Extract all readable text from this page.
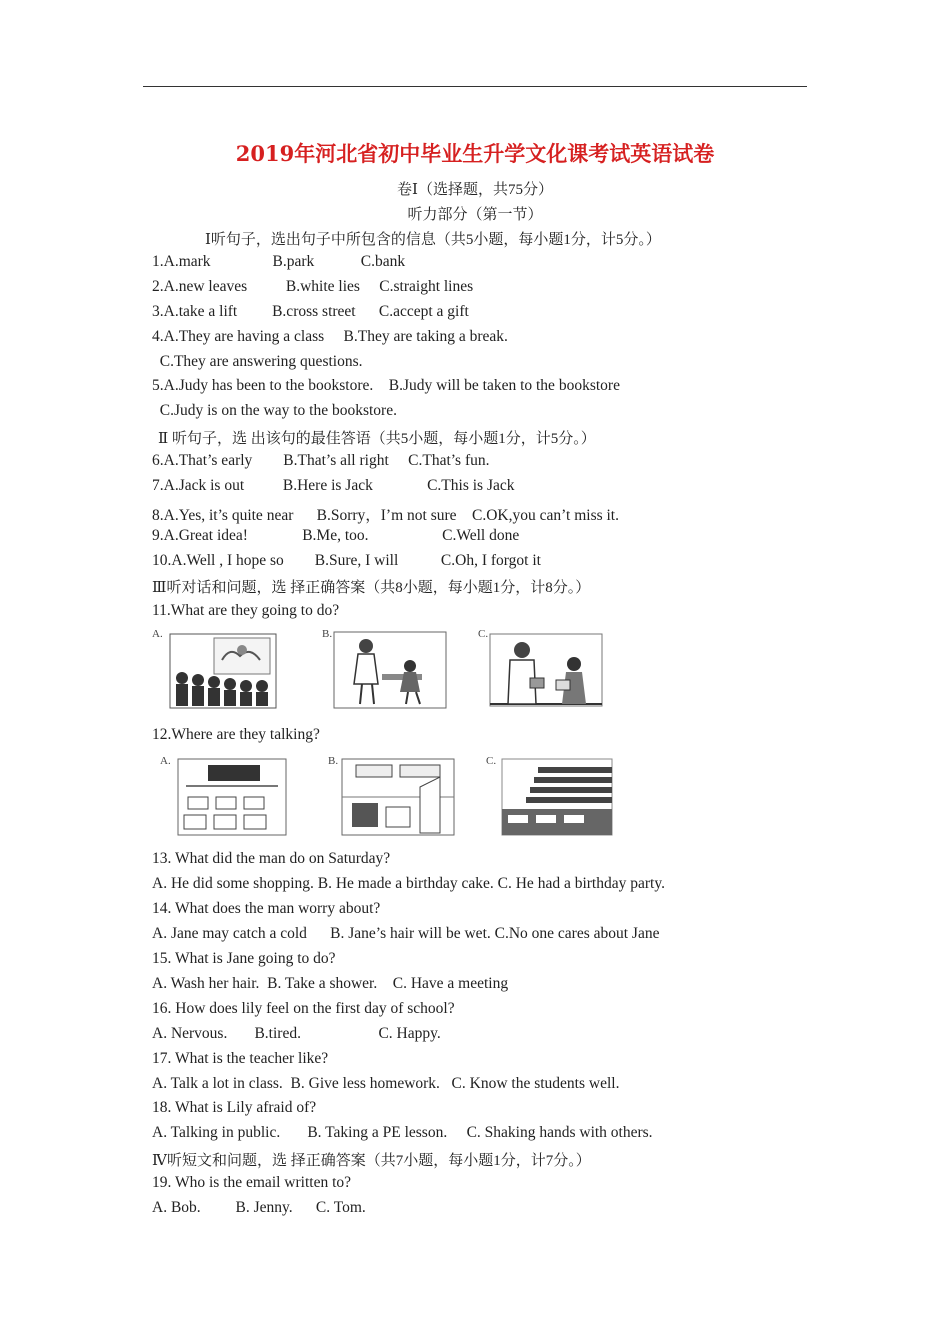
2019年河北省初中毕业生升学文化课考试英语试卷
卷Ⅰ（选择题，共75分）
听力部分（第一节）
Ⅰ听句子，选出句子中所包含的信息（共5小题，每小题1分，计5分。）
1.A.mark                B.park            C.bank
2.A.new leaves          B.white lies     C.straight lines
3.A.take a lift         B.cross street      C.accept a gift
4.A.They are having a class     B.They are taking a break.
C.They are answering questions.
5.A.Judy has been to the bookstore.    B.Judy will be taken to the bookstore
C.Judy is on the way to the bookstore.
Ⅱ 听句子，选 出该句的最佳答语（共5小题，每小题1分，计5分。）
6.A.That’s early        B.That’s all right     C.That’s fun.
7.A.Jack is out          B.Here is Jack              C.This is Jack
8.A.Yes, it’s quite near      B.Sorry，I’m not sure    C.OK,you can’t miss it.
9.A.Great idea!              B.Me, too.                   C.Well done
10.A.Well , I hope so        B.Sure, I will           C.Oh, I forgot it
Ⅲ听对话和问题，选 择正确答案（共8小题，每小题1分，计8分。）
11.What are they going to do?
A.	B.	C.
12.Where are they talking?
A.	B.	C.
13. What did the man do on Saturday?
A. He did some shopping. B. He made a birthday cake. C. He had a birthday party.
14. What does the man worry about?
A. Jane may catch a cold      B. Jane’s hair will be wet. C.No one cares about Jane
15. What is Jane going to do?
A. Wash her hair.  B. Take a shower.    C. Have a meeting
16. How does lily feel on the first day of school?
A. Nervous.       B.tired.                    C. Happy.
17. What is the teacher like?
A. Talk a lot in class.  B. Give less homework.   C. Know the students well.
18. What is Lily afraid of?
A. Talking in public.       B. Taking a PE lesson.     C. Shaking hands with others.
Ⅳ听短文和问题，选 择正确答案（共7小题，每小题1分，计7分。）
19. Who is the email written to?
A. Bob.         B. Jenny.      C. Tom.
